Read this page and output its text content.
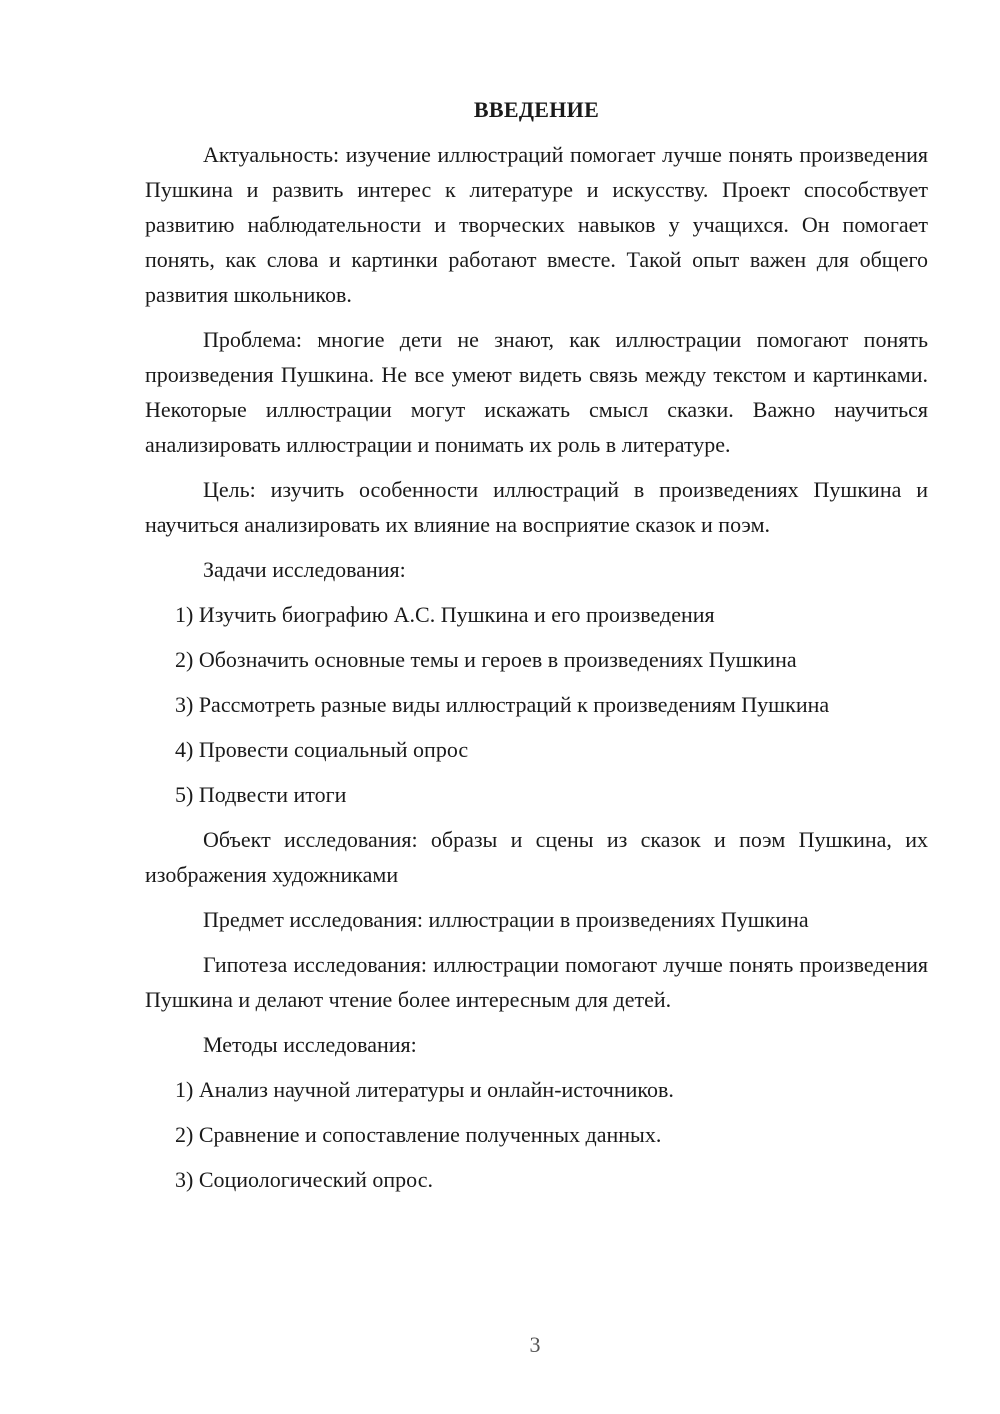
ВВЕДЕНИЕ

Актуальность: изучение иллюстраций помогает лучше понять произведения Пушкина и развить интерес к литературе и искусству. Проект способствует развитию наблюдательности и творческих навыков у учащихся. Он помогает понять, как слова и картинки работают вместе. Такой опыт важен для общего развития школьников.

Проблема: многие дети не знают, как иллюстрации помогают понять произведения Пушкина. Не все умеют видеть связь между текстом и картинками. Некоторые иллюстрации могут искажать смысл сказки. Важно научиться анализировать иллюстрации и понимать их роль в литературе.

Цель: изучить особенности иллюстраций в произведениях Пушкина и научиться анализировать их влияние на восприятие сказок и поэм.

Задачи исследования:
1) Изучить биографию А.С. Пушкина и его произведения
2) Обозначить основные темы и героев в произведениях Пушкина
3) Рассмотреть разные виды иллюстраций к произведениям Пушкина
4) Провести социальный опрос
5) Подвести итоги

Объект исследования: образы и сцены из сказок и поэм Пушкина, их изображения художниками

Предмет исследования: иллюстрации в произведениях Пушкина

Гипотеза исследования: иллюстрации помогают лучше понять произведения Пушкина и делают чтение более интересным для детей.

Методы исследования:
1) Анализ научной литературы и онлайн-источников.
2) Сравнение и сопоставление полученных данных.
3) Социологический опрос.
3
